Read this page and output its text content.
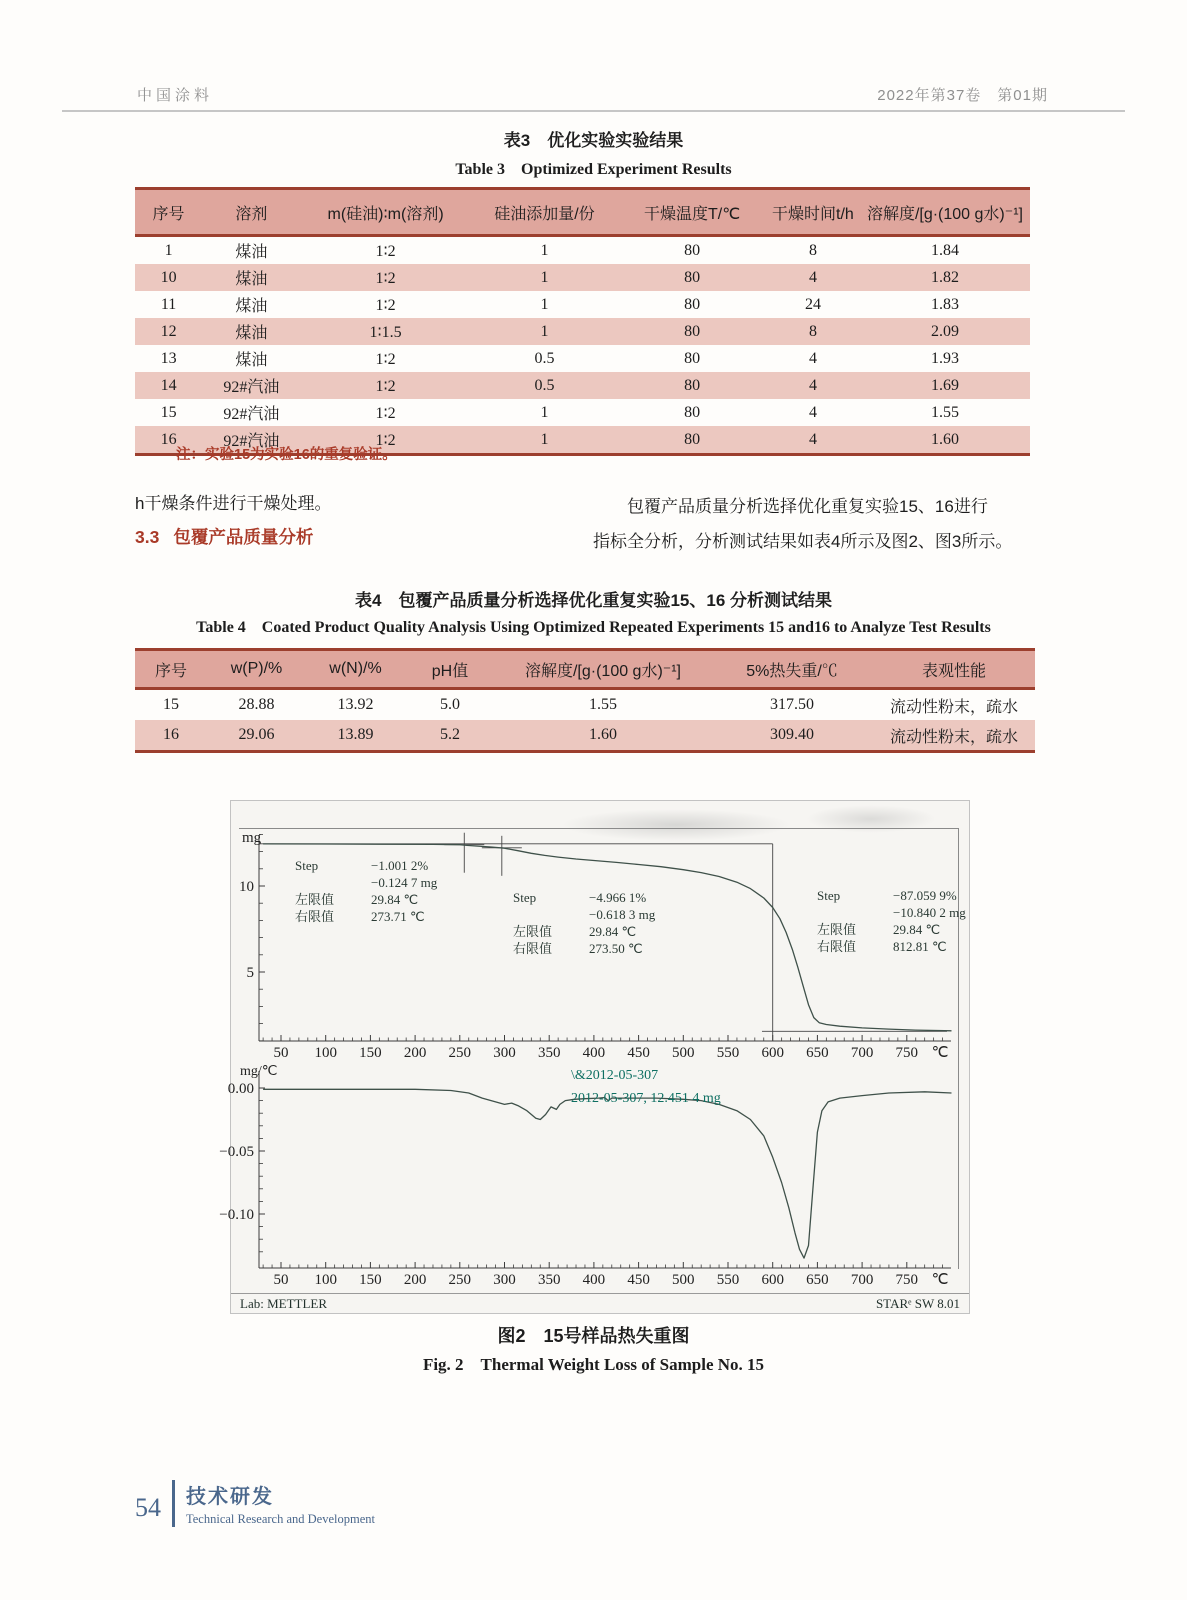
中国涂料	2022年第37卷　第01期
表3　优化实验实验结果
Table 3　Optimized Experiment Results
序号	溶剂	m(硅油)∶m(溶剂)	硅油添加量/份	干燥温度T/℃	干燥时间t/h	溶解度/[g·(100 g水)⁻¹]
1	煤油	1∶2	1	80	8	1.84
10	煤油	1∶2	1	80	4	1.82
11	煤油	1∶2	1	80	24	1.83
12	煤油	1∶1.5	1	80	8	2.09
13	煤油	1∶2	0.5	80	4	1.93
14	92#汽油	1∶2	0.5	80	4	1.69
15	92#汽油	1∶2	1	80	4	1.55
16	92#汽油	1∶2	1	80	4	1.60
注：实验15为实验16的重复验证。
h干燥条件进行干燥处理。
3.3 包覆产品质量分析
包覆产品质量分析选择优化重复实验15、16进行
指标全分析，分析测试结果如表4所示及图2、图3所示。
表4　包覆产品质量分析选择优化重复实验15、16 分析测试结果
Table 4　Coated Product Quality Analysis Using Optimized Repeated Experiments 15 and16 to Analyze Test Results
序号	w(P)/%	w(N)/%	pH值	溶解度/[g·(100 g水)⁻¹]	5%热失重/℃	表观性能
15	28.88	13.92	5.0	1.55	317.50	流动性粉末，疏水
16	29.06	13.89	5.2	1.60	309.40	流动性粉末，疏水
50 100 150 200 250 300 350 400 450 500 550 600 650 700 750 ℃
10
5
mg
50 100 150 200 250 300 350 400 450 500 550 600 650 700 750 ℃
0.00
−0.05
−0.10
mg/℃
Step	−1.001 2%
−0.124 7 mg
左限值	29.84 ℃
右限值	273.71 ℃
Step	−4.966 1%
−0.618 3 mg
左限值	29.84 ℃
右限值	273.50 ℃
Step	−87.059 9%
−10.840 2 mg
左限值	29.84 ℃
右限值	812.81 ℃
\&2012-05-307
2012-05-307, 12.451 4 mg
Lab: METTLER	STARᵉ SW 8.01
图2　15号样品热失重图
Fig. 2　Thermal Weight Loss of Sample No. 15
54 技术研发
Technical Research and Development
